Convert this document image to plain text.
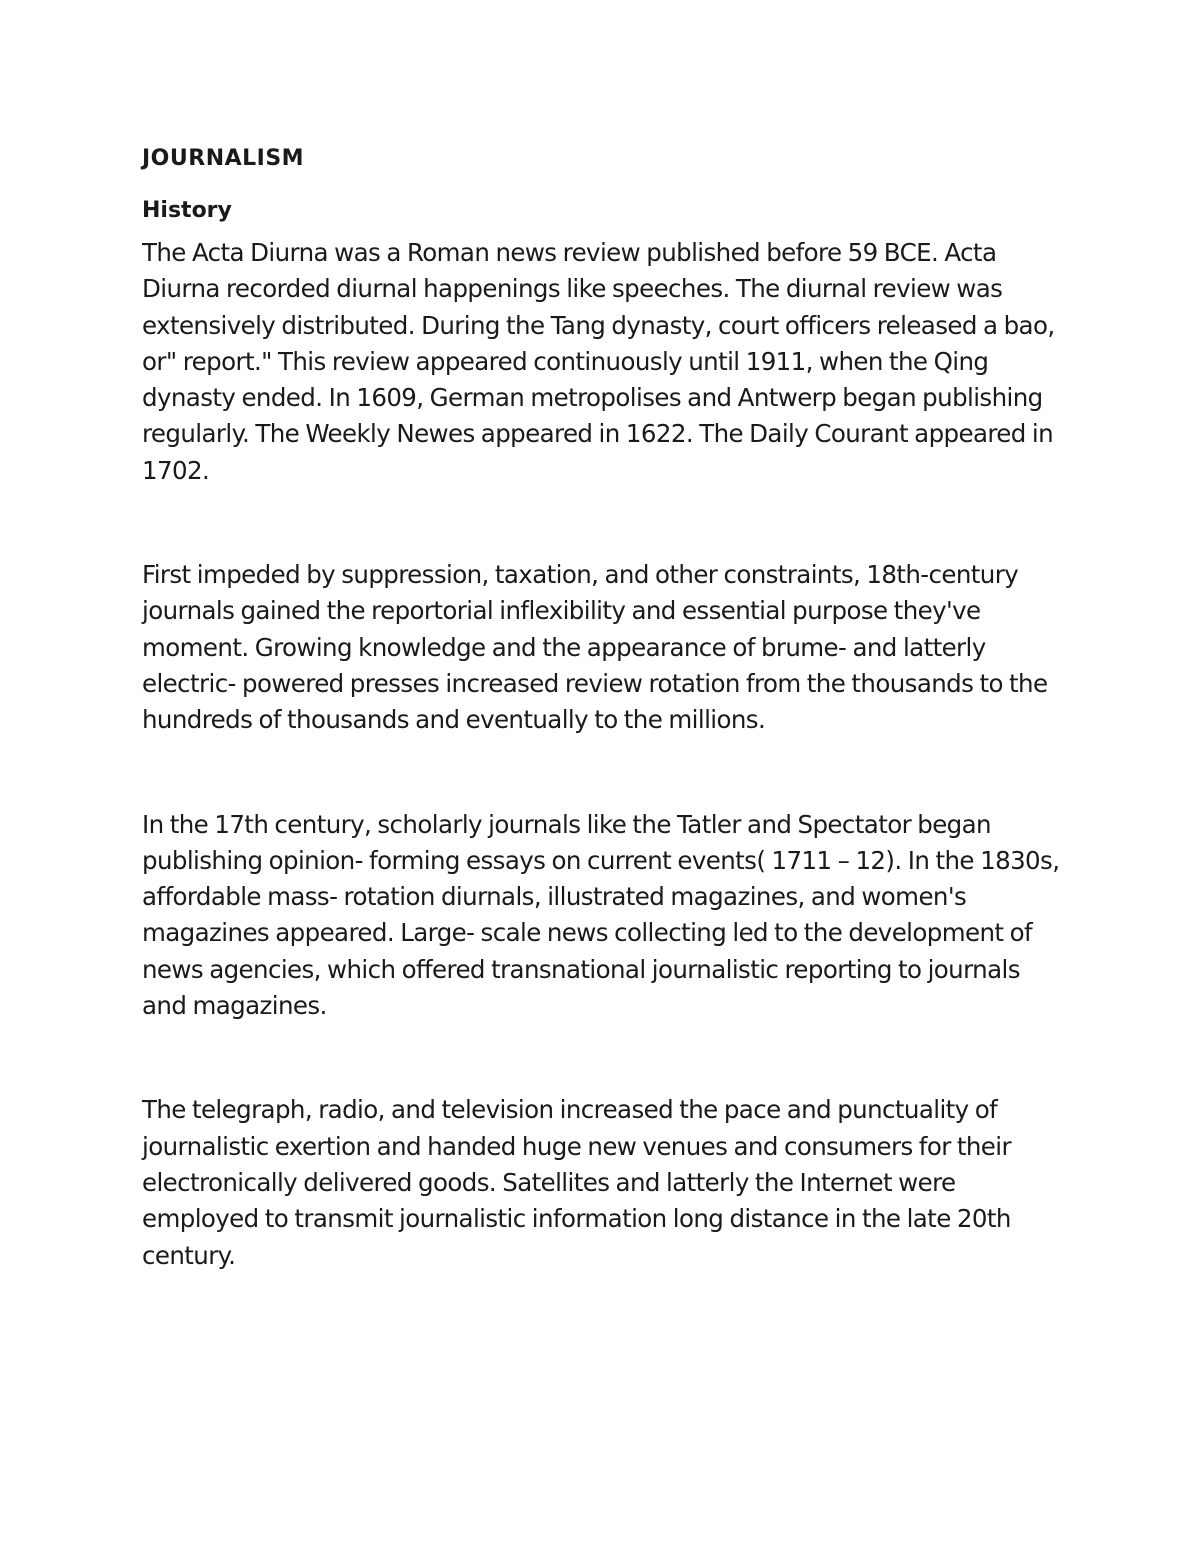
JOURNALISM
History

The Acta Diurna was a Roman news review published before 59 BCE. Acta Diurna recorded diurnal happenings like speeches. The diurnal review was extensively distributed. During the Tang dynasty, court officers released a bao, or" report." This review appeared continuously until 1911, when the Qing dynasty ended. In 1609, German metropolises and Antwerp began publishing regularly. The Weekly Newes appeared in 1622. The Daily Courant appeared in 1702.

First impeded by suppression, taxation, and other constraints, 18th-century journals gained the reportorial inflexibility and essential purpose they've moment. Growing knowledge and the appearance of brume- and latterly electric- powered presses increased review rotation from the thousands to the hundreds of thousands and eventually to the millions.

In the 17th century, scholarly journals like the Tatler and Spectator began publishing opinion- forming essays on current events( 1711 – 12). In the 1830s, affordable mass- rotation diurnals, illustrated magazines, and women's magazines appeared. Large- scale news collecting led to the development of news agencies, which offered transnational journalistic reporting to journals and magazines.

The telegraph, radio, and television increased the pace and punctuality of journalistic exertion and handed huge new venues and consumers for their electronically delivered goods. Satellites and latterly the Internet were employed to transmit journalistic information long distance in the late 20th century.
